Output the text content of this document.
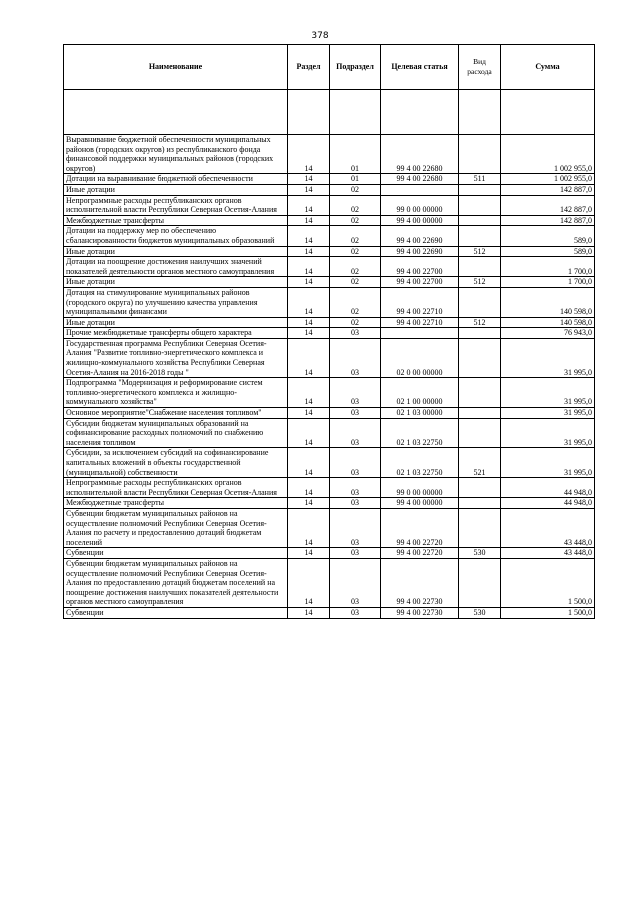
378
Наименование	Раздел	Подраздел	Целевая статья	Вид расхода	Сумма

Выравнивание бюджетной обеспеченности муниципальных районов (городских округов) из республиканского фонда финансовой поддержки муниципальных районов (городских округов)	14	01	99 4 00 22680		1 002 955,0
Дотации на выравнивание бюджетной обеспеченности	14	01	99 4 00 22680	511	1 002 955,0
Иные дотации	14	02			142 887,0
Непрограммные расходы республиканских органов исполнительной власти Республики Северная Осетия-Алания	14	02	99 0 00 00000		142 887,0
Межбюджетные трансферты	14	02	99 4 00 00000		142 887,0
Дотации на поддержку мер по обеспечению сбалансированности бюджетов муниципальных образований	14	02	99 4 00 22690		589,0
Иные дотации	14	02	99 4 00 22690	512	589,0
Дотации на поощрение достижения наилучших значений показателей деятельности органов местного самоуправления	14	02	99 4 00 22700		1 700,0
Иные дотации	14	02	99 4 00 22700	512	1 700,0
Дотация на стимулирование муниципальных районов (городского округа) по улучшению качества управления муниципальными финансами	14	02	99 4 00 22710		140 598,0
Иные дотации	14	02	99 4 00 22710	512	140 598,0
Прочие межбюджетные трансферты общего характера	14	03			76 943,0
Государственная программа Республики Северная Осетия-Алания "Развитие топливно-энергетического комплекса и жилищно-коммунального хозяйства Республики Северная Осетия-Алания на 2016-2018 годы "	14	03	02 0 00 00000		31 995,0
Подпрограмма "Модернизация и реформирование систем топливно-энергетического комплекса и жилищно-коммунального хозяйства"	14	03	02 1 00 00000		31 995,0
Основное мероприятие"Снабжение населения топливом"	14	03	02 1 03 00000		31 995,0
Субсидии бюджетам муниципальных образований на софинансирование расходных полномочий по снабжению населения топливом	14	03	02 1 03 22750		31 995,0
Субсидии, за исключением субсидий на софинансирование капитальных вложений в объекты государственной (муниципальной) собственности	14	03	02 1 03 22750	521	31 995,0
Непрограммные расходы республиканских органов исполнительной власти Республики Северная Осетия-Алания	14	03	99 0 00 00000		44 948,0
Межбюджетные трансферты	14	03	99 4 00 00000		44 948,0
Субвенции бюджетам муниципальных районов на осуществление полномочий Республики Северная Осетия-Алания по расчету и предоставлению дотаций бюджетам поселений	14	03	99 4 00 22720		43 448,0
Субвенции	14	03	99 4 00 22720	530	43 448,0
Субвенции бюджетам муниципальных районов на осуществление полномочий Республики Северная Осетия-Алания по предоставлению дотаций бюджетам поселений на поощрение достижения наилучших показателей деятельности органов местного самоуправления	14	03	99 4 00 22730		1 500,0
Субвенции	14	03	99 4 00 22730	530	1 500,0
